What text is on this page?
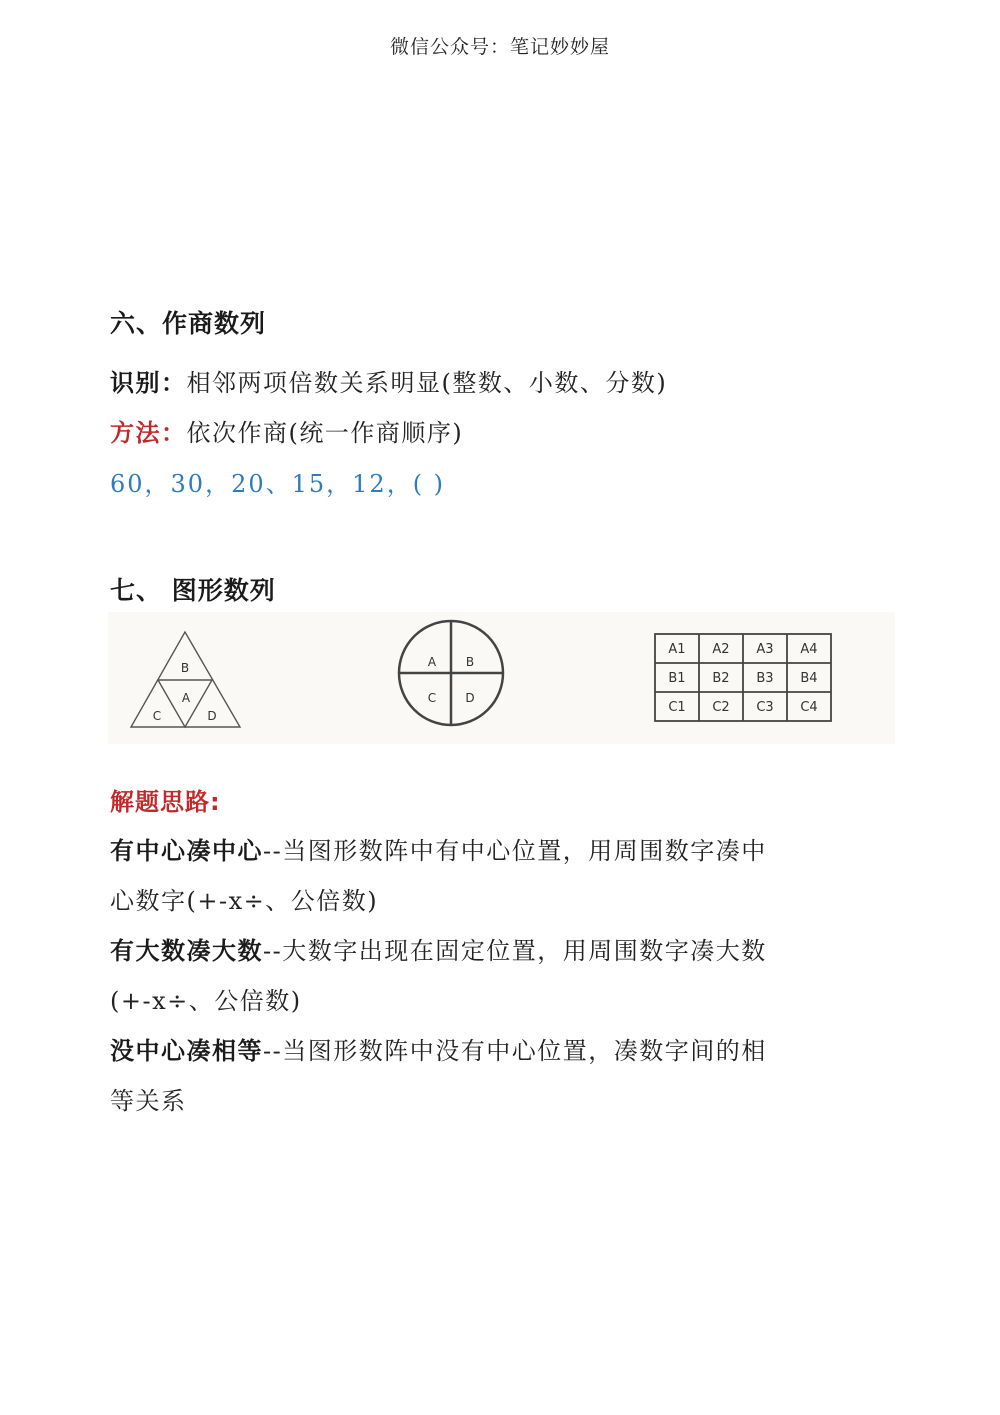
微信公众号：笔记妙妙屋
六、作商数列
识别：相邻两项倍数关系明显(整数、小数、分数)
方法：依次作商(统一作商顺序)
60，30，20、15，12，( )
七、 图形数列
B
A
C	D
A B
C D
A1 A2 A3 A4
B1 B2 B3 B4
C1 C2 C3 C4
解题思路:
有中心凑中心--当图形数阵中有中心位置，用周围数字凑中
心数字(+-x÷、公倍数)
有大数凑大数--大数字出现在固定位置，用周围数字凑大数
(+-x÷、公倍数)
没中心凑相等--当图形数阵中没有中心位置，凑数字间的相
等关系
